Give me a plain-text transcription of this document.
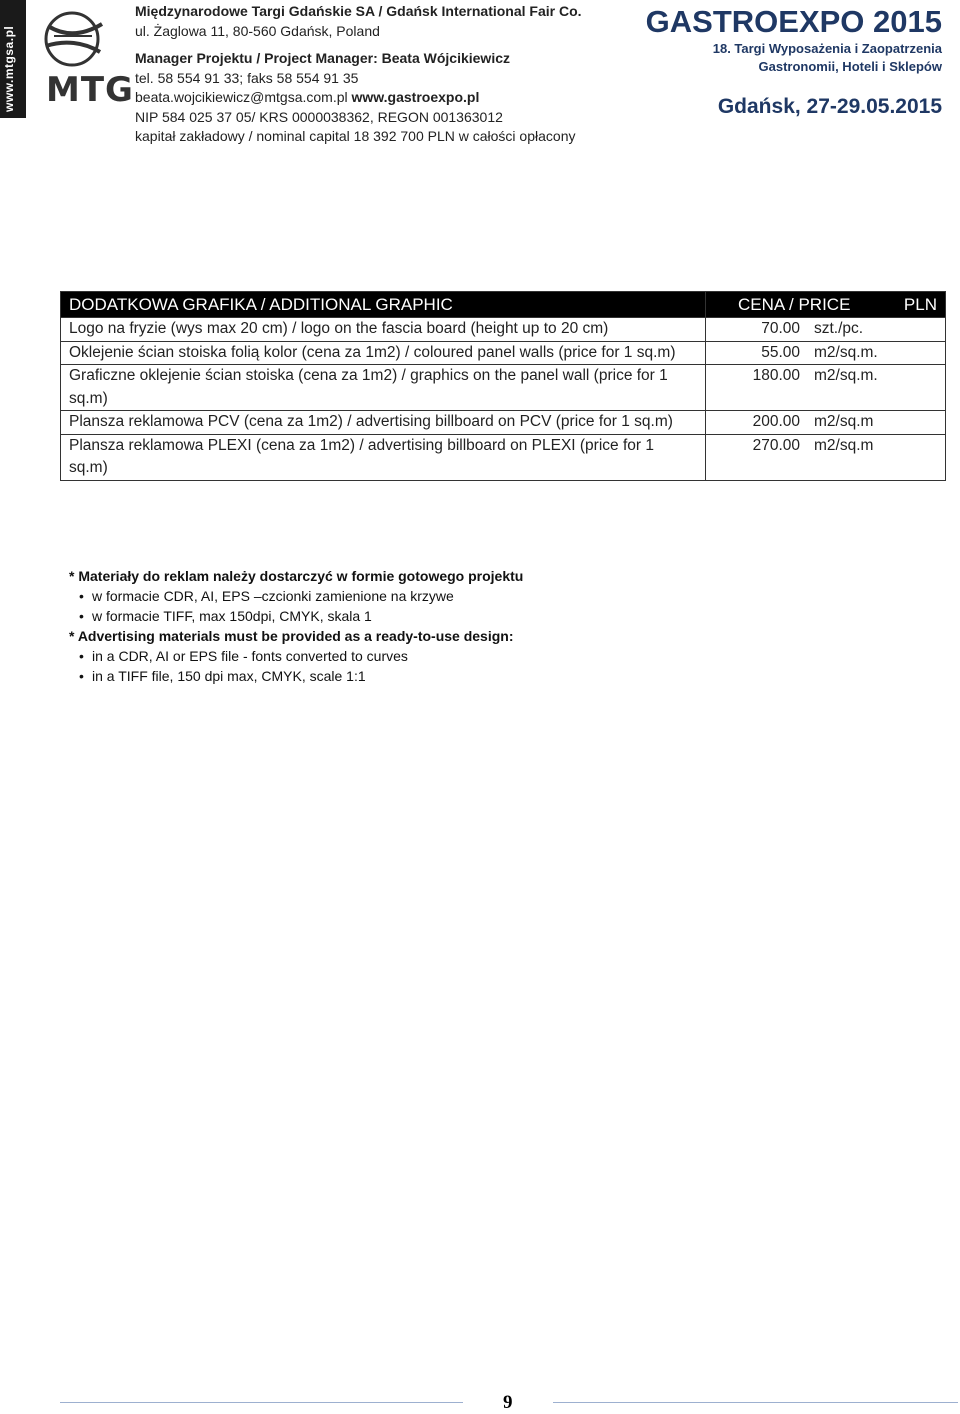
www.mtgsa.pl MTG
Międzynarodowe Targi Gdańskie SA / Gdańsk International Fair Co.
ul. Żaglowa 11, 80-560 Gdańsk, Poland
Manager Projektu / Project Manager: Beata Wójcikiewicz
tel. 58 554 91 33; faks 58 554 91 35
beata.wojcikiewicz@mtgsa.com.pl www.gastroexpo.pl
NIP 584 025 37 05/ KRS 0000038362, REGON 001363012
kapitał zakładowy / nominal capital 18 392 700 PLN w całości opłacony
GASTROEXPO 2015
18. Targi Wyposażenia i Zaopatrzenia
Gastronomii, Hoteli i Sklepów
Gdańsk, 27-29.05.2015
DODATKOWA GRAFIKA / ADDITIONAL GRAPHIC	CENA / PRICE PLN

Logo na fryzie (wys max 20 cm) / logo on the fascia board (height up to 20 cm)	70.00 szt./pc.
Oklejenie ścian stoiska folią kolor (cena za 1m2) / coloured panel walls (price for 1 sq.m)	55.00 m2/sq.m.
Graficzne oklejenie ścian stoiska (cena za 1m2) / graphics on the panel wall (price for 1 sq.m)	180.00 m2/sq.m.
Plansza reklamowa PCV (cena za 1m2) / advertising billboard on PCV (price for 1 sq.m)	200.00 m2/sq.m
Plansza reklamowa PLEXI (cena za 1m2) / advertising billboard on PLEXI (price for 1 sq.m)	270.00 m2/sq.m
* Materiały do reklam należy dostarczyć w formie gotowego projektu
• w formacie CDR, AI, EPS –czcionki zamienione na krzywe
• w formacie TIFF, max 150dpi, CMYK, skala 1
* Advertising materials must be provided as a ready-to-use design:
• in a CDR, AI or EPS file - fonts converted to curves
• in a TIFF file, 150 dpi max, CMYK, scale 1:1
9
